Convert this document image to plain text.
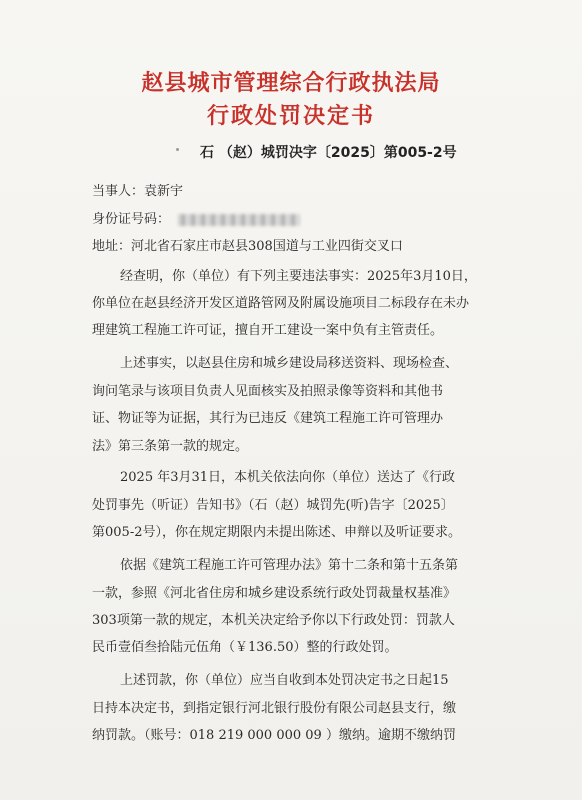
赵县城市管理综合行政执法局
行政处罚决定书
石 （赵）城罚决字〔2025〕第005-2号
当事人：袁新宇
身份证号码：
地址：河北省石家庄市赵县308国道与工业四街交叉口
经查明，你（单位）有下列主要违法事实：2025年3月10日，
你单位在赵县经济开发区道路管网及附属设施项目二标段存在未办
理建筑工程施工许可证，擅自开工建设一案中负有主管责任。
上述事实，以赵县住房和城乡建设局移送资料、现场检查、
询问笔录与该项目负责人见面核实及拍照录像等资料和其他书
证、物证等为证据，其行为已违反《建筑工程施工许可管理办
法》第三条第一款的规定。
2025 年3月31日，本机关依法向你（单位）送达了《行政
处罚事先（听证）告知书》（石（赵）城罚先(听)告字〔2025〕
第005-2号），你在规定期限内未提出陈述、申辩以及听证要求。
依据《建筑工程施工许可管理办法》第十二条和第十五条第
一款，参照《河北省住房和城乡建设系统行政处罚裁量权基准》
303项第一款的规定，本机关决定给予你以下行政处罚：罚款人
民币壹佰叁拾陆元伍角（￥136.50）整的行政处罚。
上述罚款，你（单位）应当自收到本处罚决定书之日起15
日持本决定书，到指定银行河北银行股份有限公司赵县支行，缴
纳罚款。（账号：018 219 000 000 09 ）缴纳。逾期不缴纳罚
